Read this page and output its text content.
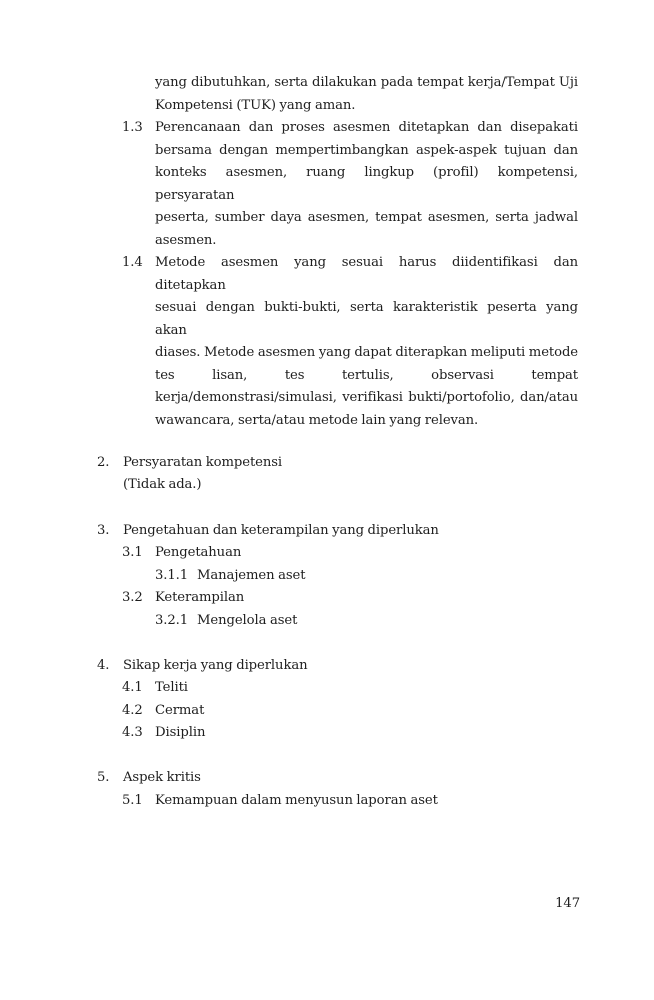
yang dibutuhkan, serta dilakukan pada tempat kerja/Tempat Uji
Kompetensi (TUK) yang aman.
1.3 Perencanaan dan proses asesmen ditetapkan dan disepakati
bersama dengan mempertimbangkan aspek-aspek tujuan dan
konteks asesmen, ruang lingkup (profil) kompetensi, persyaratan
peserta, sumber daya asesmen, tempat asesmen, serta jadwal
asesmen.
1.4 Metode asesmen yang sesuai harus diidentifikasi dan ditetapkan
sesuai dengan bukti-bukti, serta karakteristik peserta yang akan
diases. Metode asesmen yang dapat diterapkan meliputi metode
tes lisan, tes tertulis, observasi tempat
kerja/demonstrasi/simulasi, verifikasi bukti/portofolio, dan/atau
wawancara, serta/atau metode lain yang relevan.
2.	Persyaratan kompetensi
(Tidak ada.)
3.	Pengetahuan dan keterampilan yang diperlukan
3.1 Pengetahuan
3.1.1 Manajemen aset
3.2 Keterampilan
3.2.1 Mengelola aset
4.	Sikap kerja yang diperlukan
4.1 Teliti
4.2 Cermat
4.3 Disiplin
5.	Aspek kritis
5.1 Kemampuan dalam menyusun laporan aset
147
